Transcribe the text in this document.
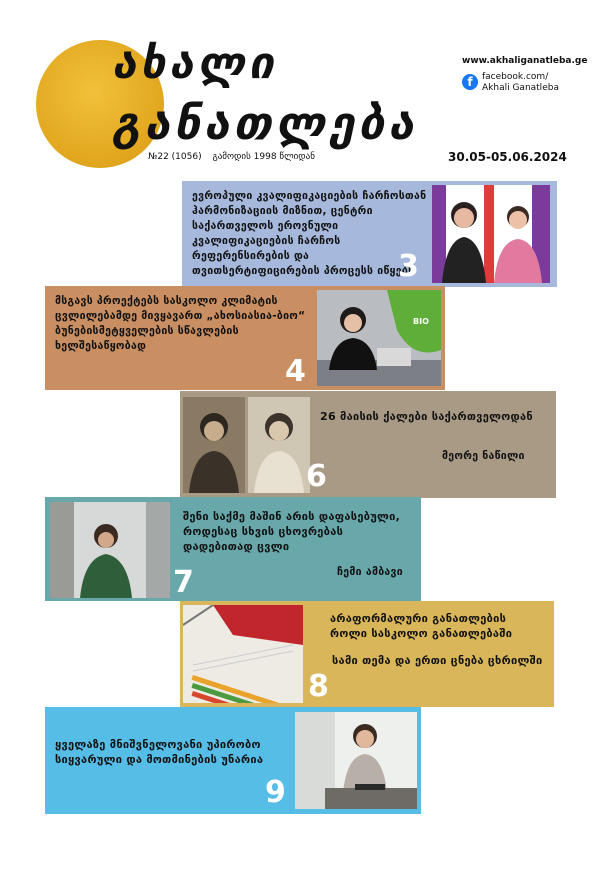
ახალი
განათლება
www.akhaliganatleba.ge
f	facebook.com/
Akhali Ganatleba
№22 (1056) გამოდის 1998 წლიდან	30.05-05.06.2024
ევროპული კვალიფიკაციების ჩარჩოსთან ჰარმონიზაციის მიზნით, ცენტრი საქართველოს ეროვნული კვალიფიკაციების ჩარჩოს რეფერენსირების და თვითსერტიფიცირების პროცესს იწყებს
3
მსგავს პროექტებს სასკოლო კლიმატის ცვლილებამდე მივყავართ „ახოსიასია-ბიო“ ბუნებისმეტყველების სწავლების ხელშესაწყობად
BIO
4
6
26 მაისის ქალები საქართველოდან
მეორე ნაწილი
7
შენი საქმე მაშინ არის დაფასებული, როდესაც სხვის ცხოვრებას დადებითად ცვლი
ჩემი ამბავი
8
არაფორმალური განათლების როლი სასკოლო განათლებაში
სამი თემა და ერთი ცნება ცხრილში
ყველაზე მნიშვნელოვანი უპირობო სიყვარული და მოთმინების უნარია
9
